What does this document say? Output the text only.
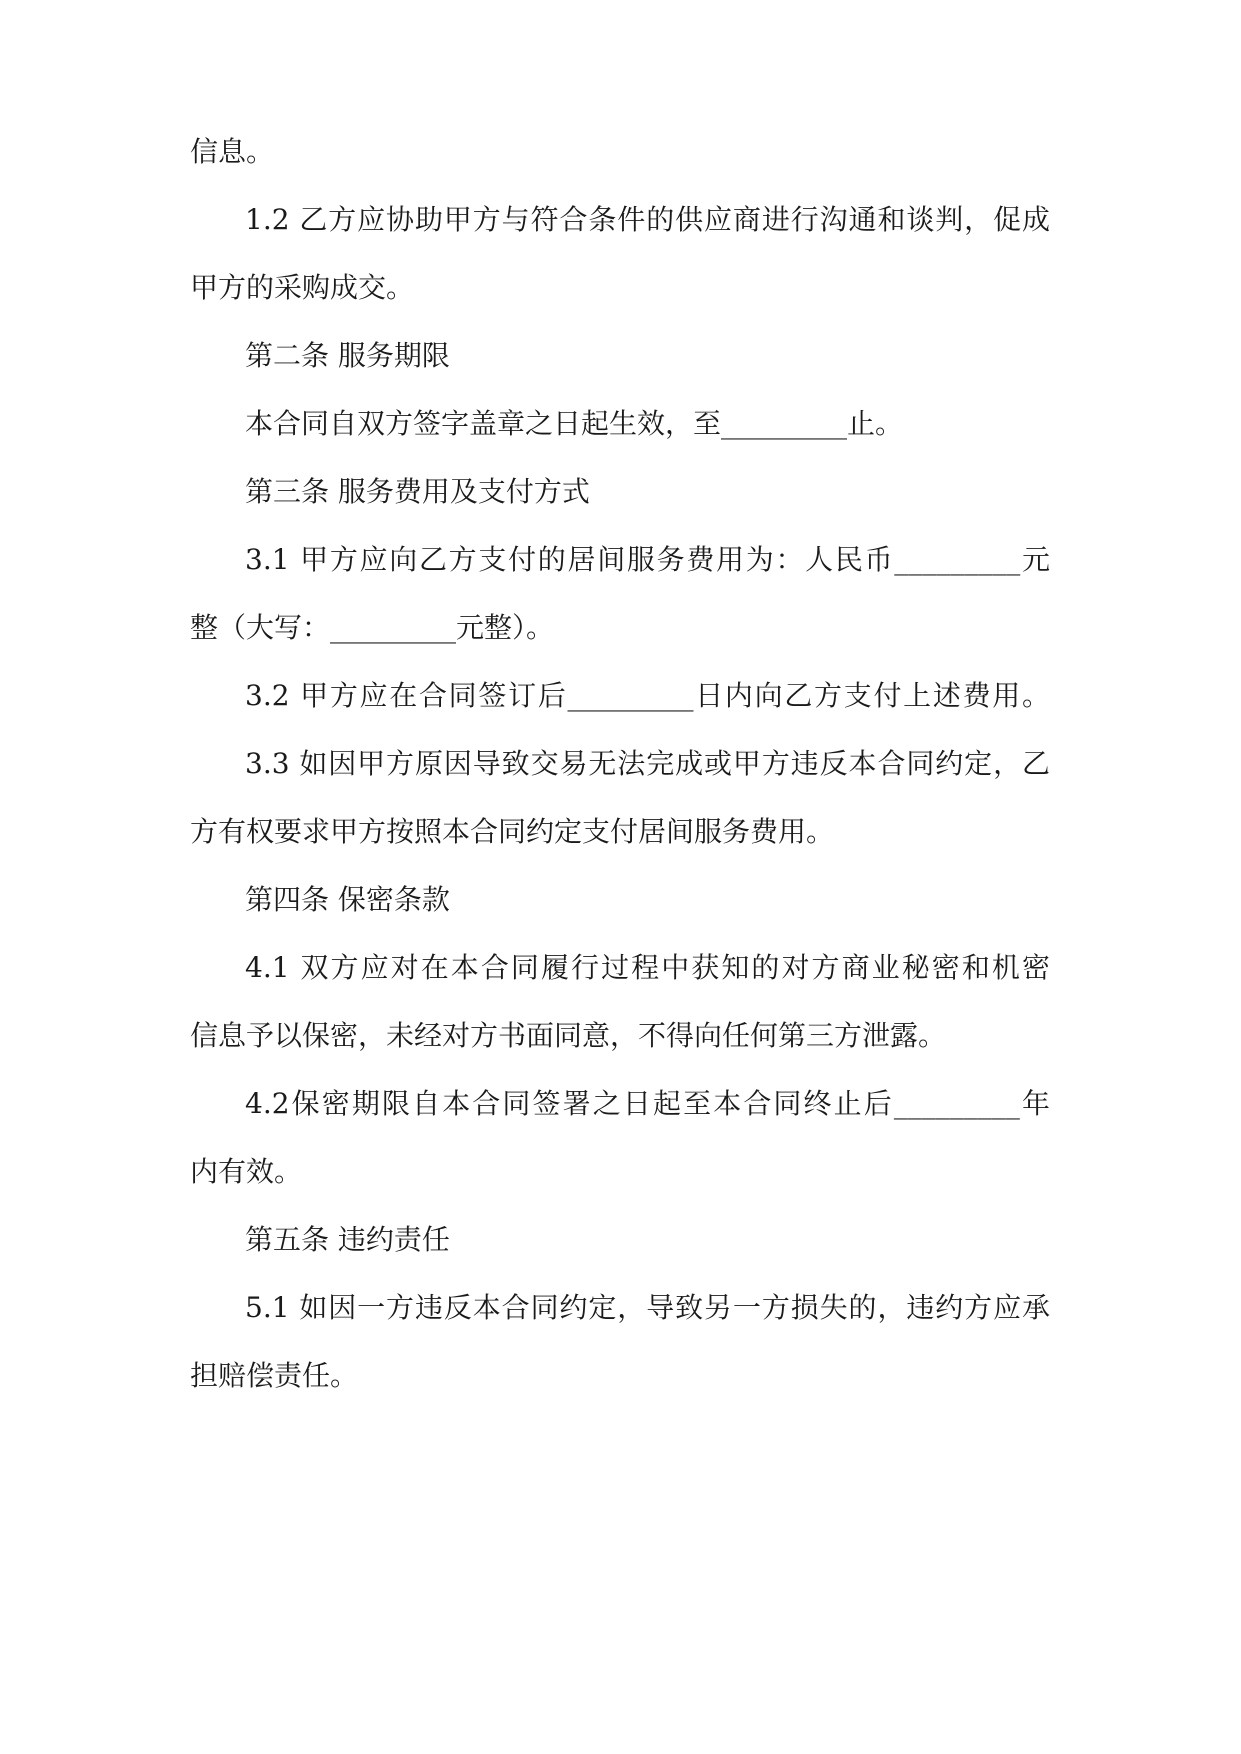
信息。
1.2 乙方应协助甲方与符合条件的供应商进行沟通和谈判，促成
甲方的采购成交。
第二条 服务期限
本合同自双方签字盖章之日起生效，至_________止。
第三条 服务费用及支付方式
3.1 甲方应向乙方支付的居间服务费用为：人民币_________元
整（大写：_________元整）。
3.2 甲方应在合同签订后_________日内向乙方支付上述费用。
3.3 如因甲方原因导致交易无法完成或甲方违反本合同约定，乙
方有权要求甲方按照本合同约定支付居间服务费用。
第四条 保密条款
4.1 双方应对在本合同履行过程中获知的对方商业秘密和机密
信息予以保密，未经对方书面同意，不得向任何第三方泄露。
4.2保密期限自本合同签署之日起至本合同终止后_________年
内有效。
第五条 违约责任
5.1 如因一方违反本合同约定，导致另一方损失的，违约方应承
担赔偿责任。
